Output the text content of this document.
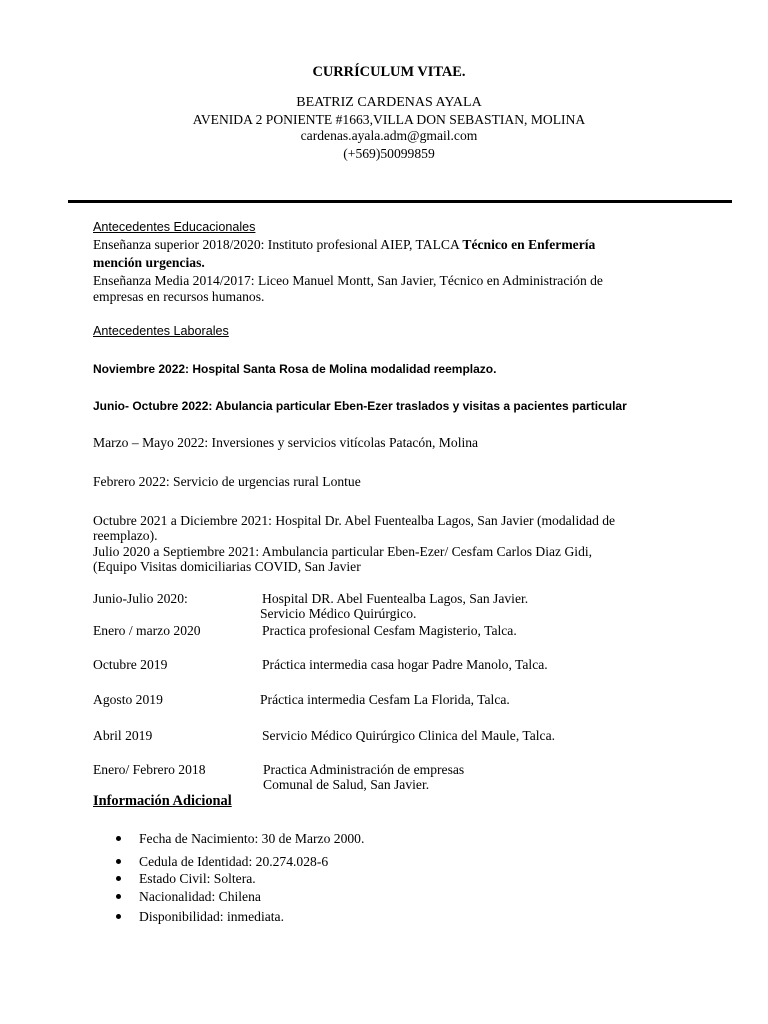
CURRÍCULUM VITAE.
BEATRIZ CARDENAS AYALA
AVENIDA 2 PONIENTE #1663,VILLA DON SEBASTIAN, MOLINA
cardenas.ayala.adm@gmail.com
(+569)50099859
Antecedentes Educacionales
Enseñanza superior 2018/2020: Instituto profesional AIEP, TALCA Técnico en Enfermería
mención urgencias.
Enseñanza Media 2014/2017: Liceo Manuel Montt, San Javier, Técnico en Administración de
empresas en recursos humanos.
Antecedentes Laborales
Noviembre 2022: Hospital Santa Rosa de Molina modalidad reemplazo.
Junio- Octubre 2022: Abulancia particular Eben-Ezer traslados y visitas a pacientes particular
Marzo – Mayo 2022: Inversiones y servicios vitícolas Patacón, Molina
Febrero 2022: Servicio de urgencias rural Lontue
Octubre 2021 a Diciembre 2021: Hospital Dr. Abel Fuentealba Lagos, San Javier (modalidad de
reemplazo).
Julio 2020 a Septiembre 2021: Ambulancia particular Eben-Ezer/ Cesfam Carlos Diaz Gidi,
(Equipo Visitas domiciliarias COVID, San Javier
Junio-Julio 2020:	Hospital DR. Abel Fuentealba Lagos, San Javier.
Servicio Médico Quirúrgico.
Enero / marzo 2020	Practica profesional Cesfam Magisterio, Talca.
Octubre 2019	Práctica intermedia casa hogar Padre Manolo, Talca.
Agosto 2019	Práctica intermedia Cesfam La Florida, Talca.
Abril 2019	Servicio Médico Quirúrgico Clinica del Maule, Talca.
Enero/ Febrero 2018	Practica Administración de empresas
Comunal de Salud, San Javier.
Información Adicional
Fecha de Nacimiento: 30 de Marzo 2000.
Cedula de Identidad: 20.274.028-6
Estado Civil: Soltera.
Nacionalidad: Chilena
Disponibilidad: inmediata.
